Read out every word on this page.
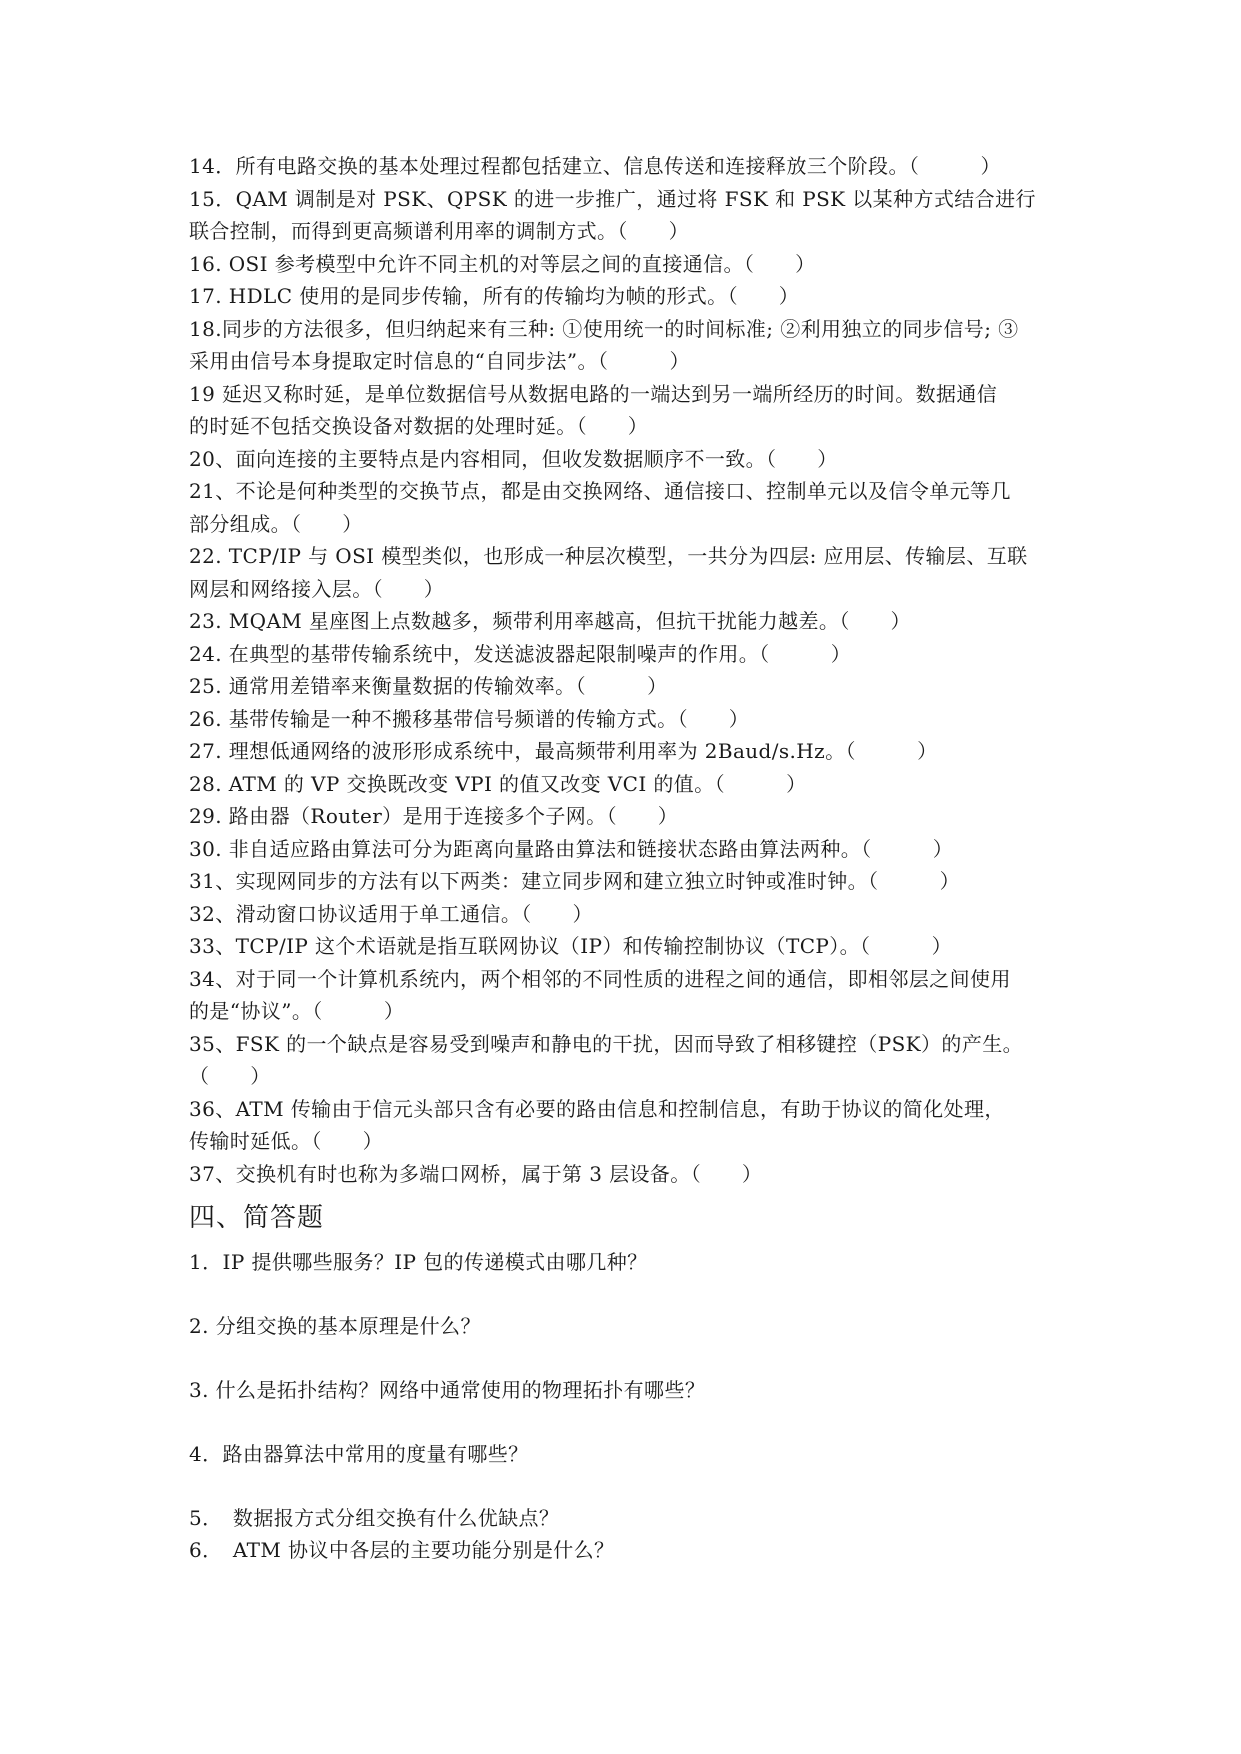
14．所有电路交换的基本处理过程都包括建立、信息传送和连接释放三个阶段。（　　　）
15．QAM 调制是对 PSK、QPSK 的进一步推广，通过将 FSK 和 PSK 以某种方式结合进行
联合控制，而得到更高频谱利用率的调制方式。（　　）
16. OSI 参考模型中允许不同主机的对等层之间的直接通信。（　　）
17. HDLC 使用的是同步传输，所有的传输均为帧的形式。（　　）
18.同步的方法很多，但归纳起来有三种: ①使用统一的时间标准; ②利用独立的同步信号; ③
采用由信号本身提取定时信息的“自同步法”。（　　　）
19 延迟又称时延，是单位数据信号从数据电路的一端达到另一端所经历的时间。数据通信
的时延不包括交换设备对数据的处理时延。（　　）
20、面向连接的主要特点是内容相同，但收发数据顺序不一致。（　　）
21、不论是何种类型的交换节点，都是由交换网络、通信接口、控制单元以及信令单元等几
部分组成。（　　）
22. TCP/IP 与 OSI 模型类似，也形成一种层次模型，一共分为四层: 应用层、传输层、互联
网层和网络接入层。（　　）
23. MQAM 星座图上点数越多，频带利用率越高，但抗干扰能力越差。（　　）
24. 在典型的基带传输系统中，发送滤波器起限制噪声的作用。（　　　）
25. 通常用差错率来衡量数据的传输效率。（　　　）
26. 基带传输是一种不搬移基带信号频谱的传输方式。（　　）
27. 理想低通网络的波形形成系统中，最高频带利用率为 2Baud/s.Hz。（　　　）
28. ATM 的 VP 交换既改变 VPI 的值又改变 VCI 的值。（　　　）
29. 路由器（Router）是用于连接多个子网。（　　）
30. 非自适应路由算法可分为距离向量路由算法和链接状态路由算法两种。（　　　）
31、实现网同步的方法有以下两类：建立同步网和建立独立时钟或准时钟。（　　　）
32、滑动窗口协议适用于单工通信。（　　）
33、TCP/IP 这个术语就是指互联网协议（IP）和传输控制协议（TCP）。（　　　）
34、对于同一个计算机系统内，两个相邻的不同性质的进程之间的通信，即相邻层之间使用
的是“协议”。（　　　）
35、FSK 的一个缺点是容易受到噪声和静电的干扰，因而导致了相移键控（PSK）的产生。
（　　）
36、ATM 传输由于信元头部只含有必要的路由信息和控制信息，有助于协议的简化处理，
传输时延低。（　　）
37、交换机有时也称为多端口网桥，属于第 3 层设备。（　　）
四、简答题
1．IP 提供哪些服务？IP 包的传递模式由哪几种？
2. 分组交换的基本原理是什么？
3. 什么是拓扑结构？网络中通常使用的物理拓扑有哪些？
4．路由器算法中常用的度量有哪些？
5．　数据报方式分组交换有什么优缺点？
6．　ATM 协议中各层的主要功能分别是什么？
